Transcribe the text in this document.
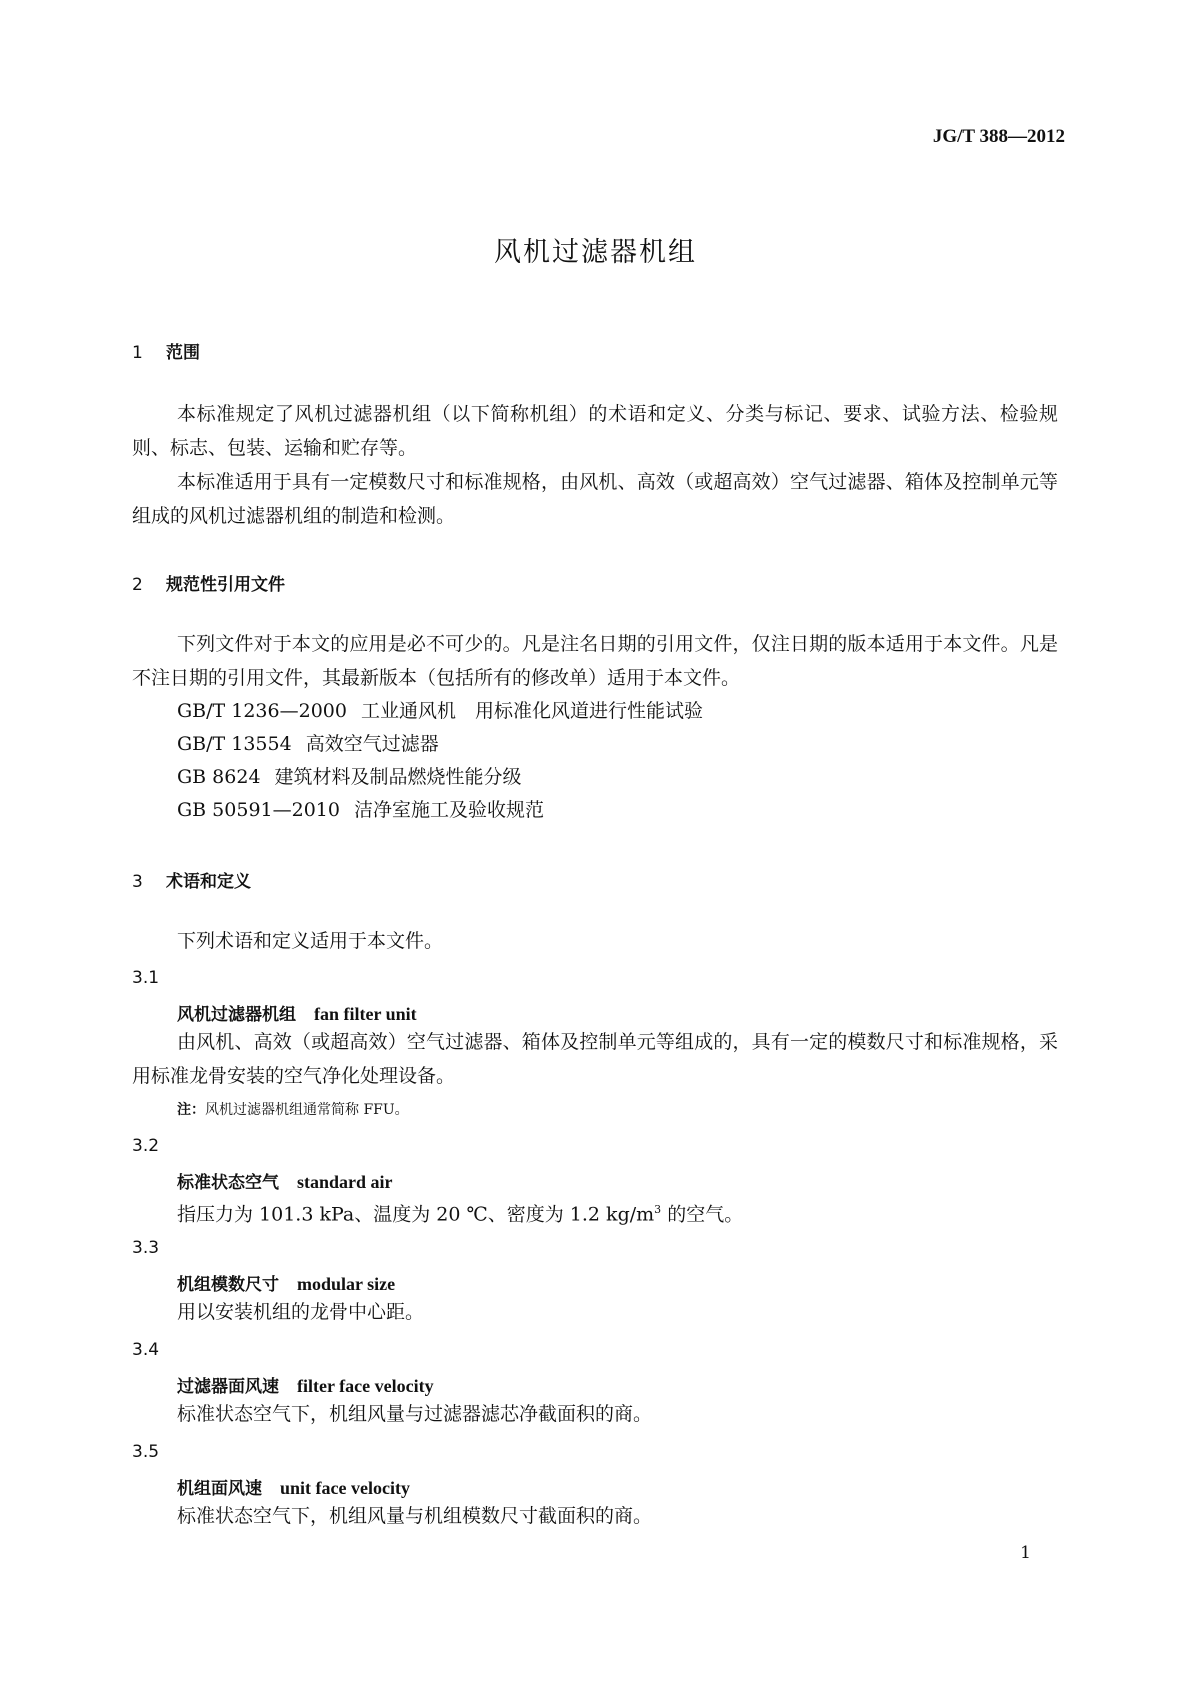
JG/T 388—2012
风机过滤器机组
1 范围

本标准规定了风机过滤器机组（以下简称机组）的术语和定义、分类与标记、要求、试验方法、检验规则、标志、包装、运输和贮存等。

本标准适用于具有一定模数尺寸和标准规格，由风机、高效（或超高效）空气过滤器、箱体及控制单元等组成的风机过滤器机组的制造和检测。

2 规范性引用文件

下列文件对于本文的应用是必不可少的。凡是注名日期的引用文件，仅注日期的版本适用于本文件。凡是不注日期的引用文件，其最新版本（包括所有的修改单）适用于本文件。

GB/T 1236—2000 工业通风机　用标准化风道进行性能试验
GB/T 13554 高效空气过滤器
GB 8624 建筑材料及制品燃烧性能分级
GB 50591—2010 洁净室施工及验收规范
3 术语和定义

下列术语和定义适用于本文件。

3.1
风机过滤器机组 fan filter unit

由风机、高效（或超高效）空气过滤器、箱体及控制单元等组成的，具有一定的模数尺寸和标准规格，采用标准龙骨安装的空气净化处理设备。

注：风机过滤器机组通常简称 FFU。
3.2
标准状态空气 standard air

指压力为 101.3 kPa、温度为 20 ℃、密度为 1.2 $kg/m^3$ 的空气。

3.3
机组模数尺寸 modular size

用以安装机组的龙骨中心距。

3.4
过滤器面风速 filter face velocity

标准状态空气下，机组风量与过滤器滤芯净截面积的商。

3.5
机组面风速 unit face velocity

标准状态空气下，机组风量与机组模数尺寸截面积的商。

1
